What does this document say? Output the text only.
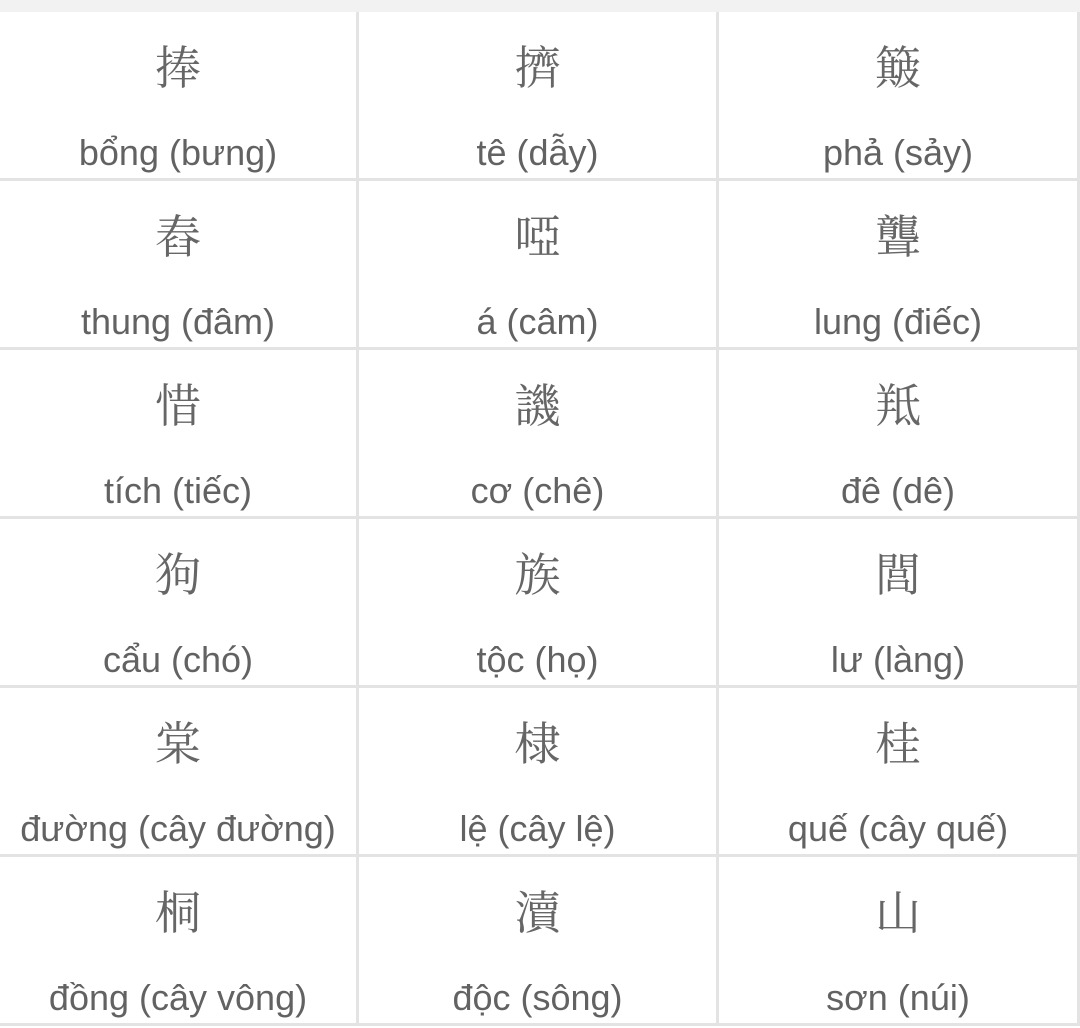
捧
bổng (bưng)
擠
tê (dẫy)
簸
phả (sảy)
舂
thung (đâm)
啞
á (câm)
聾
lung (điếc)
惜
tích (tiếc)
譏
cơ (chê)
羝
đê (dê)
狗
cẩu (chó)
族
tộc (họ)
閭
lư (làng)
棠
đường (cây đường)
棣
lệ (cây lệ)
桂
quế (cây quế)
桐
đồng (cây vông)
瀆
độc (sông)
山
sơn (núi)
